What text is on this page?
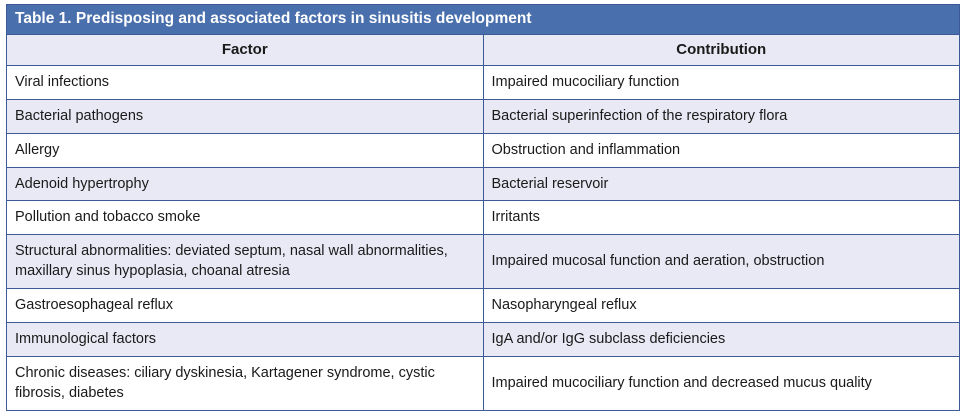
Table 1. Predisposing and associated factors in sinusitis development	
Factor	Contribution
Viral infections	Impaired mucociliary function
Bacterial pathogens	Bacterial superinfection of the respiratory flora
Allergy	Obstruction and inflammation
Adenoid hypertrophy	Bacterial reservoir
Pollution and tobacco smoke	Irritants
Structural abnormalities: deviated septum, nasal wall abnormalities, maxillary sinus hypoplasia, choanal atresia	Impaired mucosal function and aeration, obstruction
Gastroesophageal reflux	Nasopharyngeal reflux
Immunological factors	IgA and/or IgG subclass deficiencies
Chronic diseases: ciliary dyskinesia, Kartagener syndrome, cystic fibrosis, diabetes	Impaired mucociliary function and decreased mucus quality
